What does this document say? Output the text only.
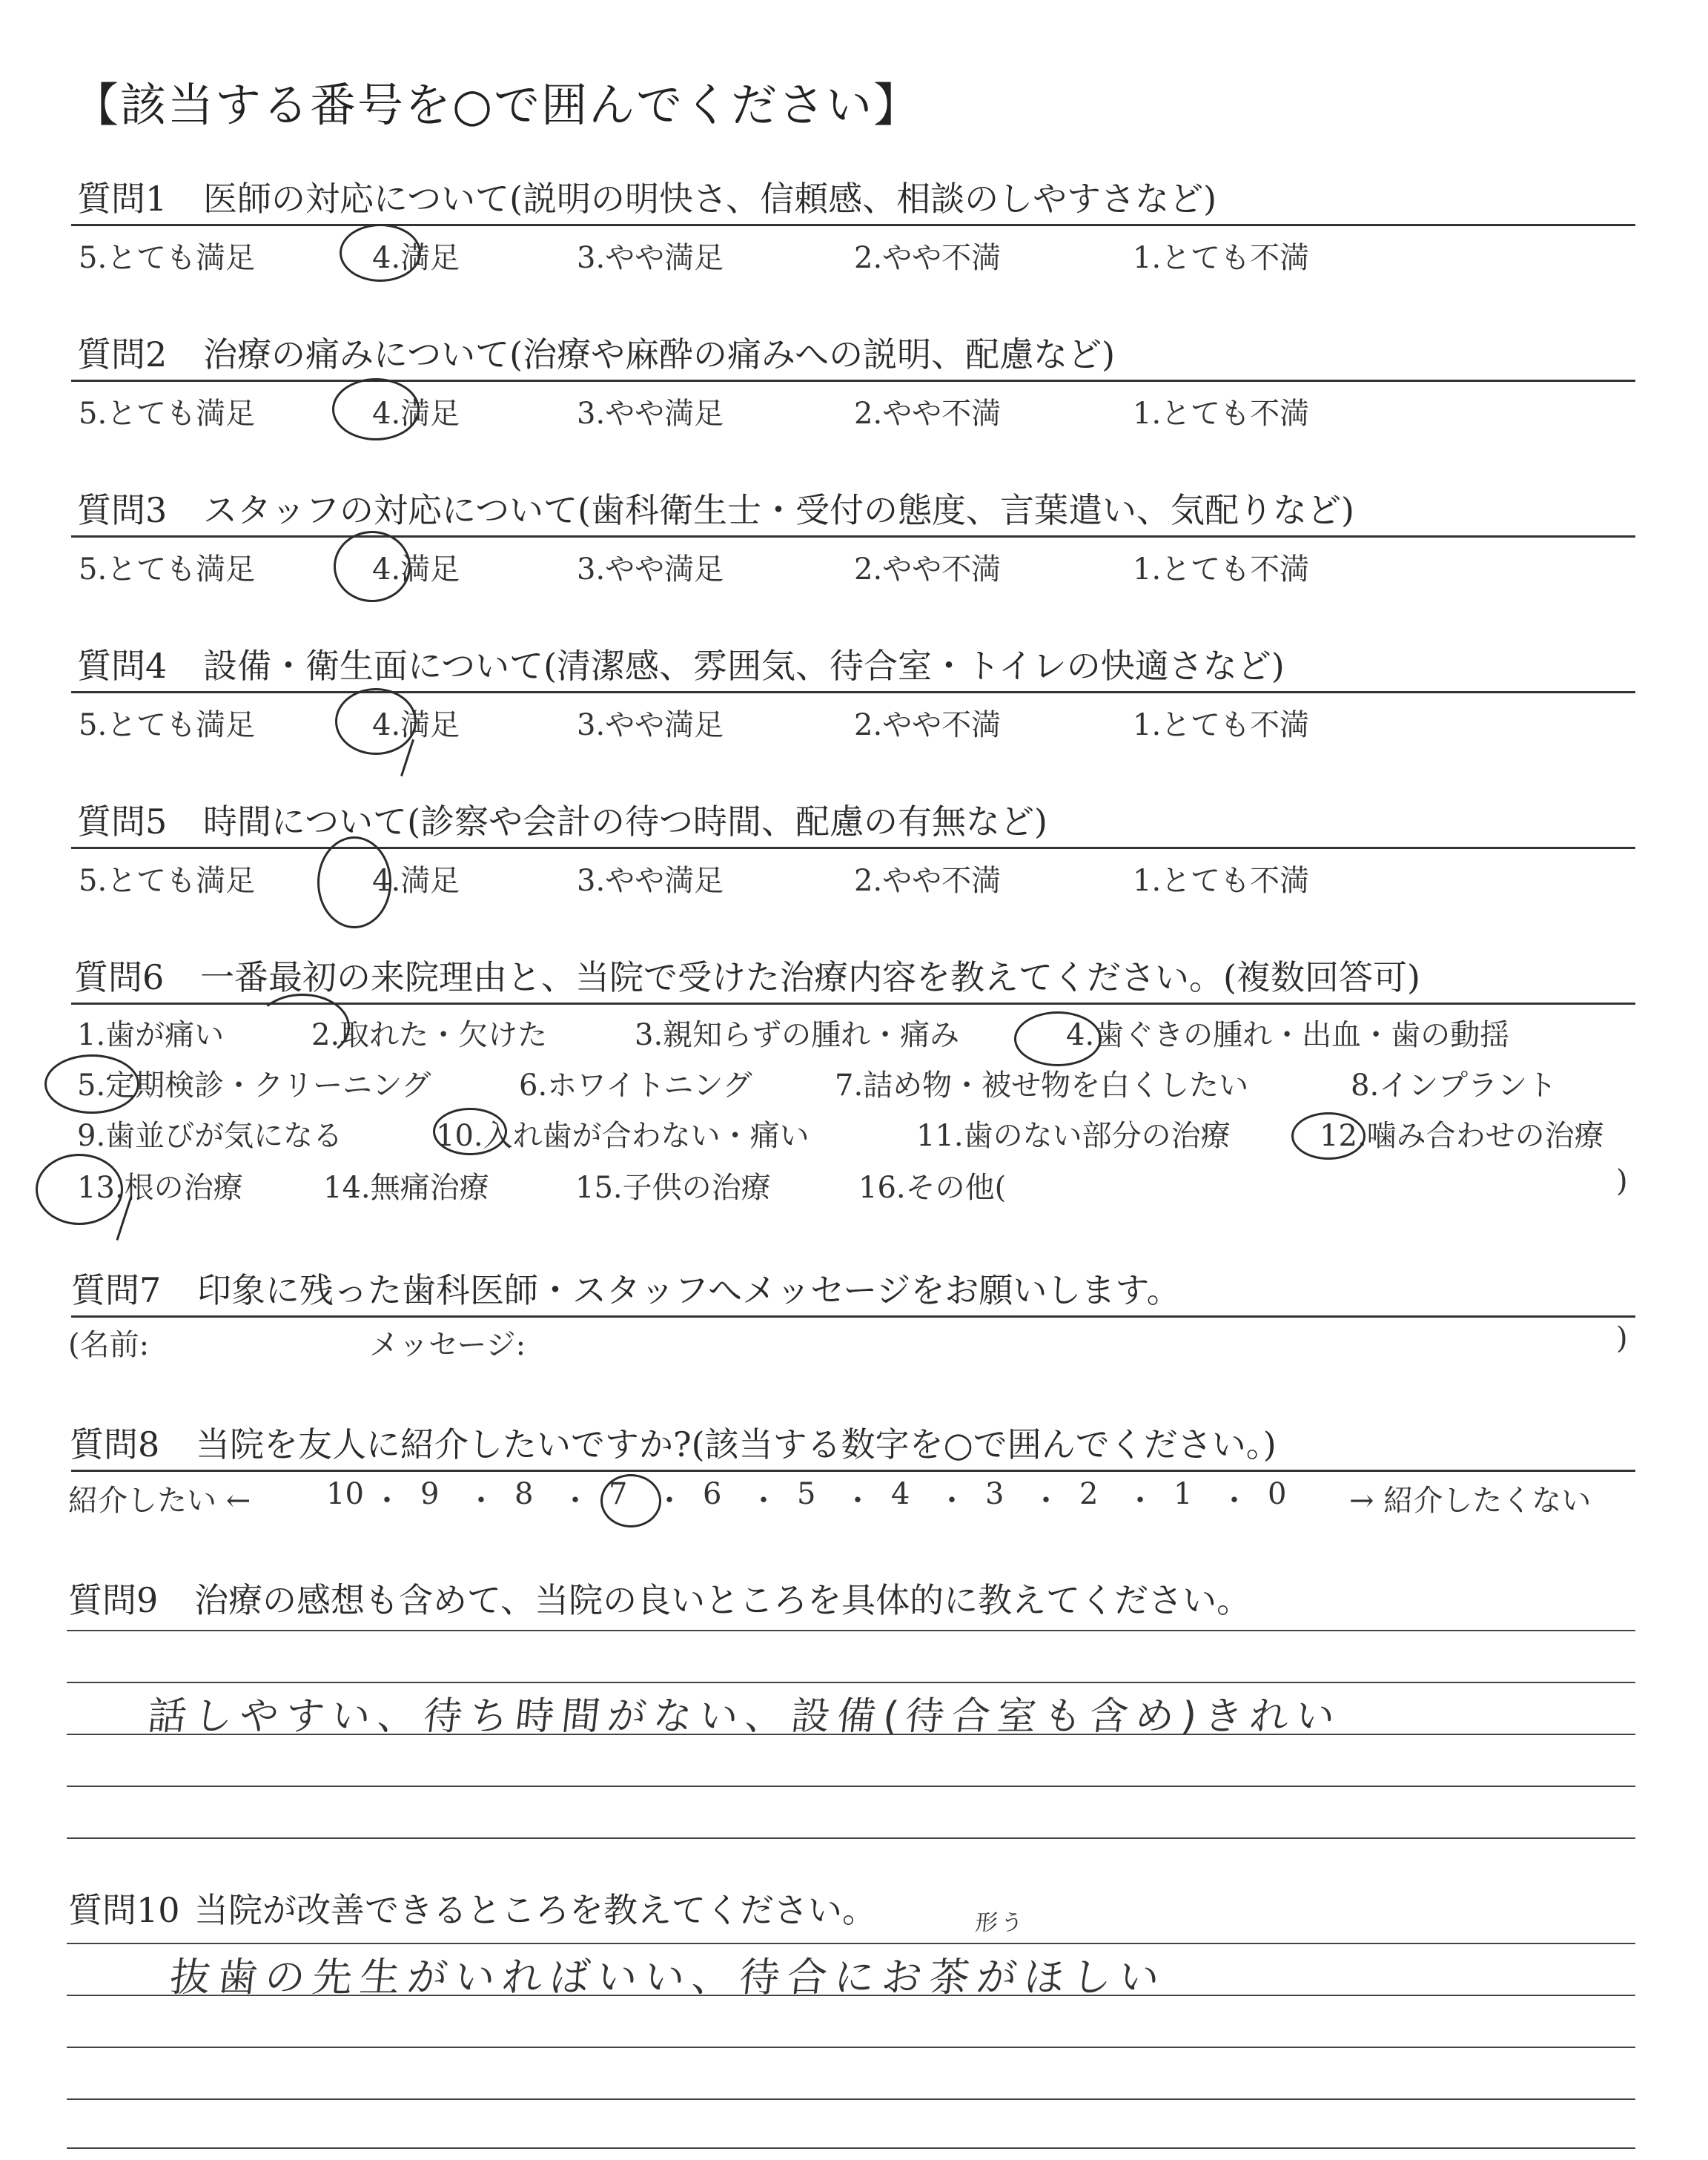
【該当する番号を○で囲んでください】
質問1 医師の対応について(説明の明快さ、信頼感、相談のしやすさなど)
5.とても満足	4.満足	3.やや満足	2.やや不満	1.とても不満
質問2 治療の痛みについて(治療や麻酔の痛みへの説明、配慮など)
5.とても満足	4.満足	3.やや満足	2.やや不満	1.とても不満
質問3 スタッフの対応について(歯科衛生士・受付の態度、言葉遣い、気配りなど)
5.とても満足	4.満足	3.やや満足	2.やや不満	1.とても不満
質問4 設備・衛生面について(清潔感、雰囲気、待合室・トイレの快適さなど)
5.とても満足	4.満足	3.やや満足	2.やや不満	1.とても不満
質問5 時間について(診察や会計の待つ時間、配慮の有無など)
5.とても満足	4.満足	3.やや満足	2.やや不満	1.とても不満
質問6 一番最初の来院理由と、当院で受けた治療内容を教えてください。(複数回答可)
1.歯が痛い	2.取れた・欠けた	3.親知らずの腫れ・痛み	4.歯ぐきの腫れ・出血・歯の動揺
5.定期検診・クリーニング	6.ホワイトニング	7.詰め物・被せ物を白くしたい	8.インプラント
9.歯並びが気になる	10.入れ歯が合わない・痛い	11.歯のない部分の治療	12.噛み合わせの治療
13.根の治療	14.無痛治療	15.子供の治療	16.その他(	)
質問7 印象に残った歯科医師・スタッフへメッセージをお願いします。
(名前:	メッセージ:	)
質問8 当院を友人に紹介したいですか?(該当する数字を○で囲んでください。)
紹介したい ←	→ 紹介したくない
10 ・ 9 ・ 8 ・ 7 ・ 6 ・ 5 ・ 4 ・ 3 ・ 2 ・ 1 ・ 0
質問9 治療の感想も含めて、当院の良いところを具体的に教えてください。
話しやすい、待ち時間がない、設備(待合室も含め)きれい
質問10 当院が改善できるところを教えてください。	形う
抜歯の先生がいればいい、待合にお茶がほしい
